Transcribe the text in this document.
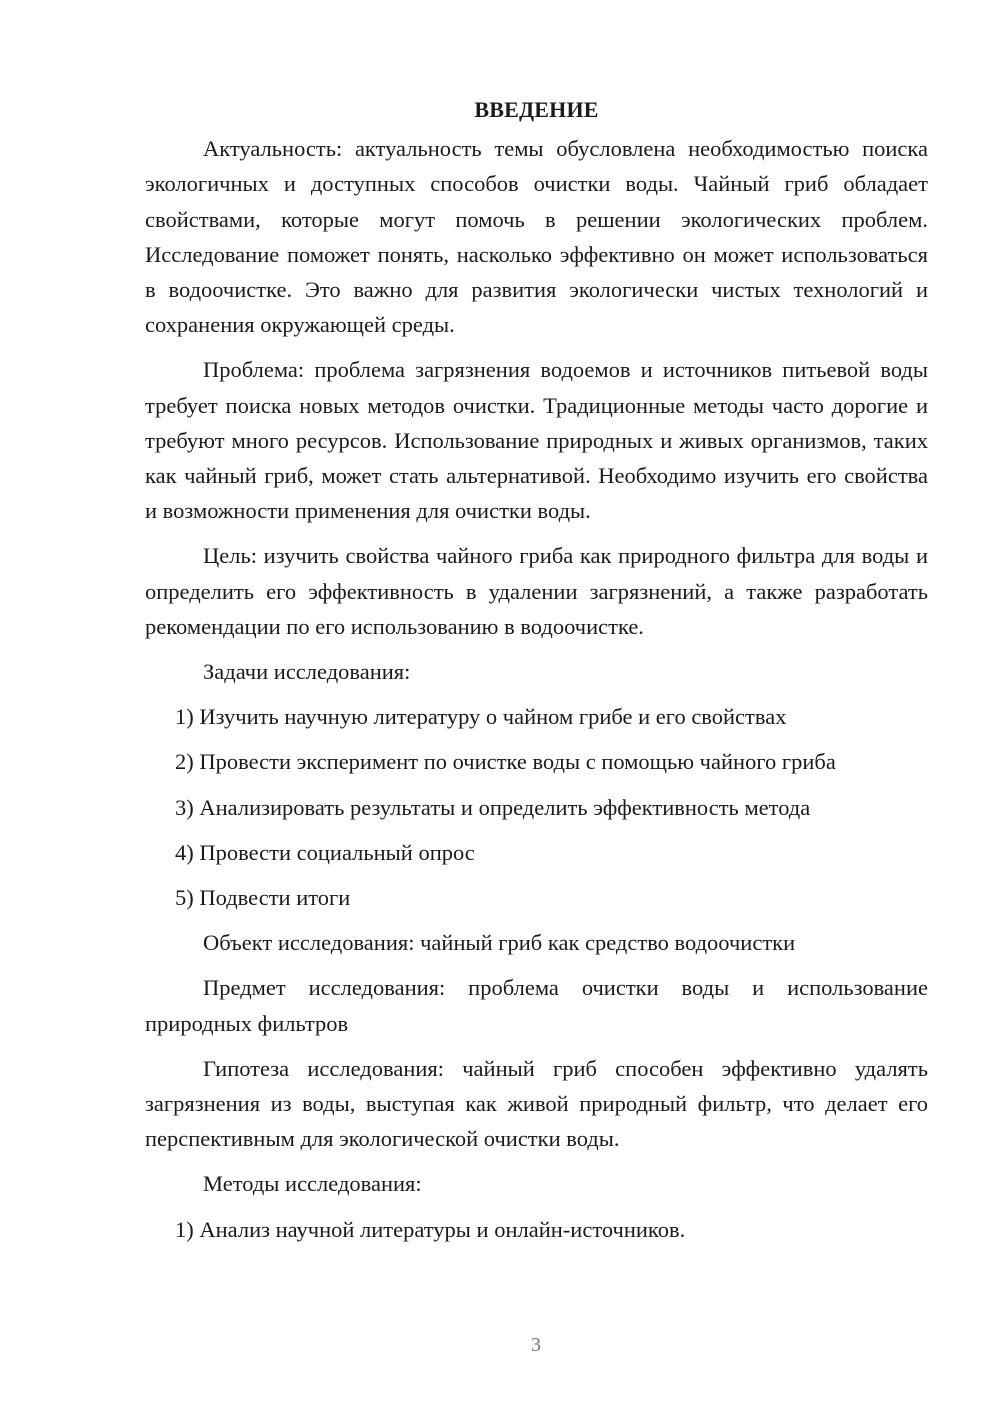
ВВЕДЕНИЕ

Актуальность: актуальность темы обусловлена необходимостью поиска экологичных и доступных способов очистки воды. Чайный гриб обладает свойствами, которые могут помочь в решении экологических проблем. Исследование поможет понять, насколько эффективно он может использоваться в водоочистке. Это важно для развития экологически чистых технологий и сохранения окружающей среды.

Проблема: проблема загрязнения водоемов и источников питьевой воды требует поиска новых методов очистки. Традиционные методы часто дорогие и требуют много ресурсов. Использование природных и живых организмов, таких как чайный гриб, может стать альтернативой. Необходимо изучить его свойства и возможности применения для очистки воды.

Цель: изучить свойства чайного гриба как природного фильтра для воды и определить его эффективность в удалении загрязнений, а также разработать рекомендации по его использованию в водоочистке.

Задачи исследования:

1) Изучить научную литературу о чайном грибе и его свойствах
2) Провести эксперимент по очистке воды с помощью чайного гриба
3) Анализировать результаты и определить эффективность метода
4) Провести социальный опрос
5) Подвести итоги

Объект исследования: чайный гриб как средство водоочистки

Предмет исследования: проблема очистки воды и использование природных фильтров

Гипотеза исследования: чайный гриб способен эффективно удалять загрязнения из воды, выступая как живой природный фильтр, что делает его перспективным для экологической очистки воды.

Методы исследования:

1) Анализ научной литературы и онлайн-источников.
3
